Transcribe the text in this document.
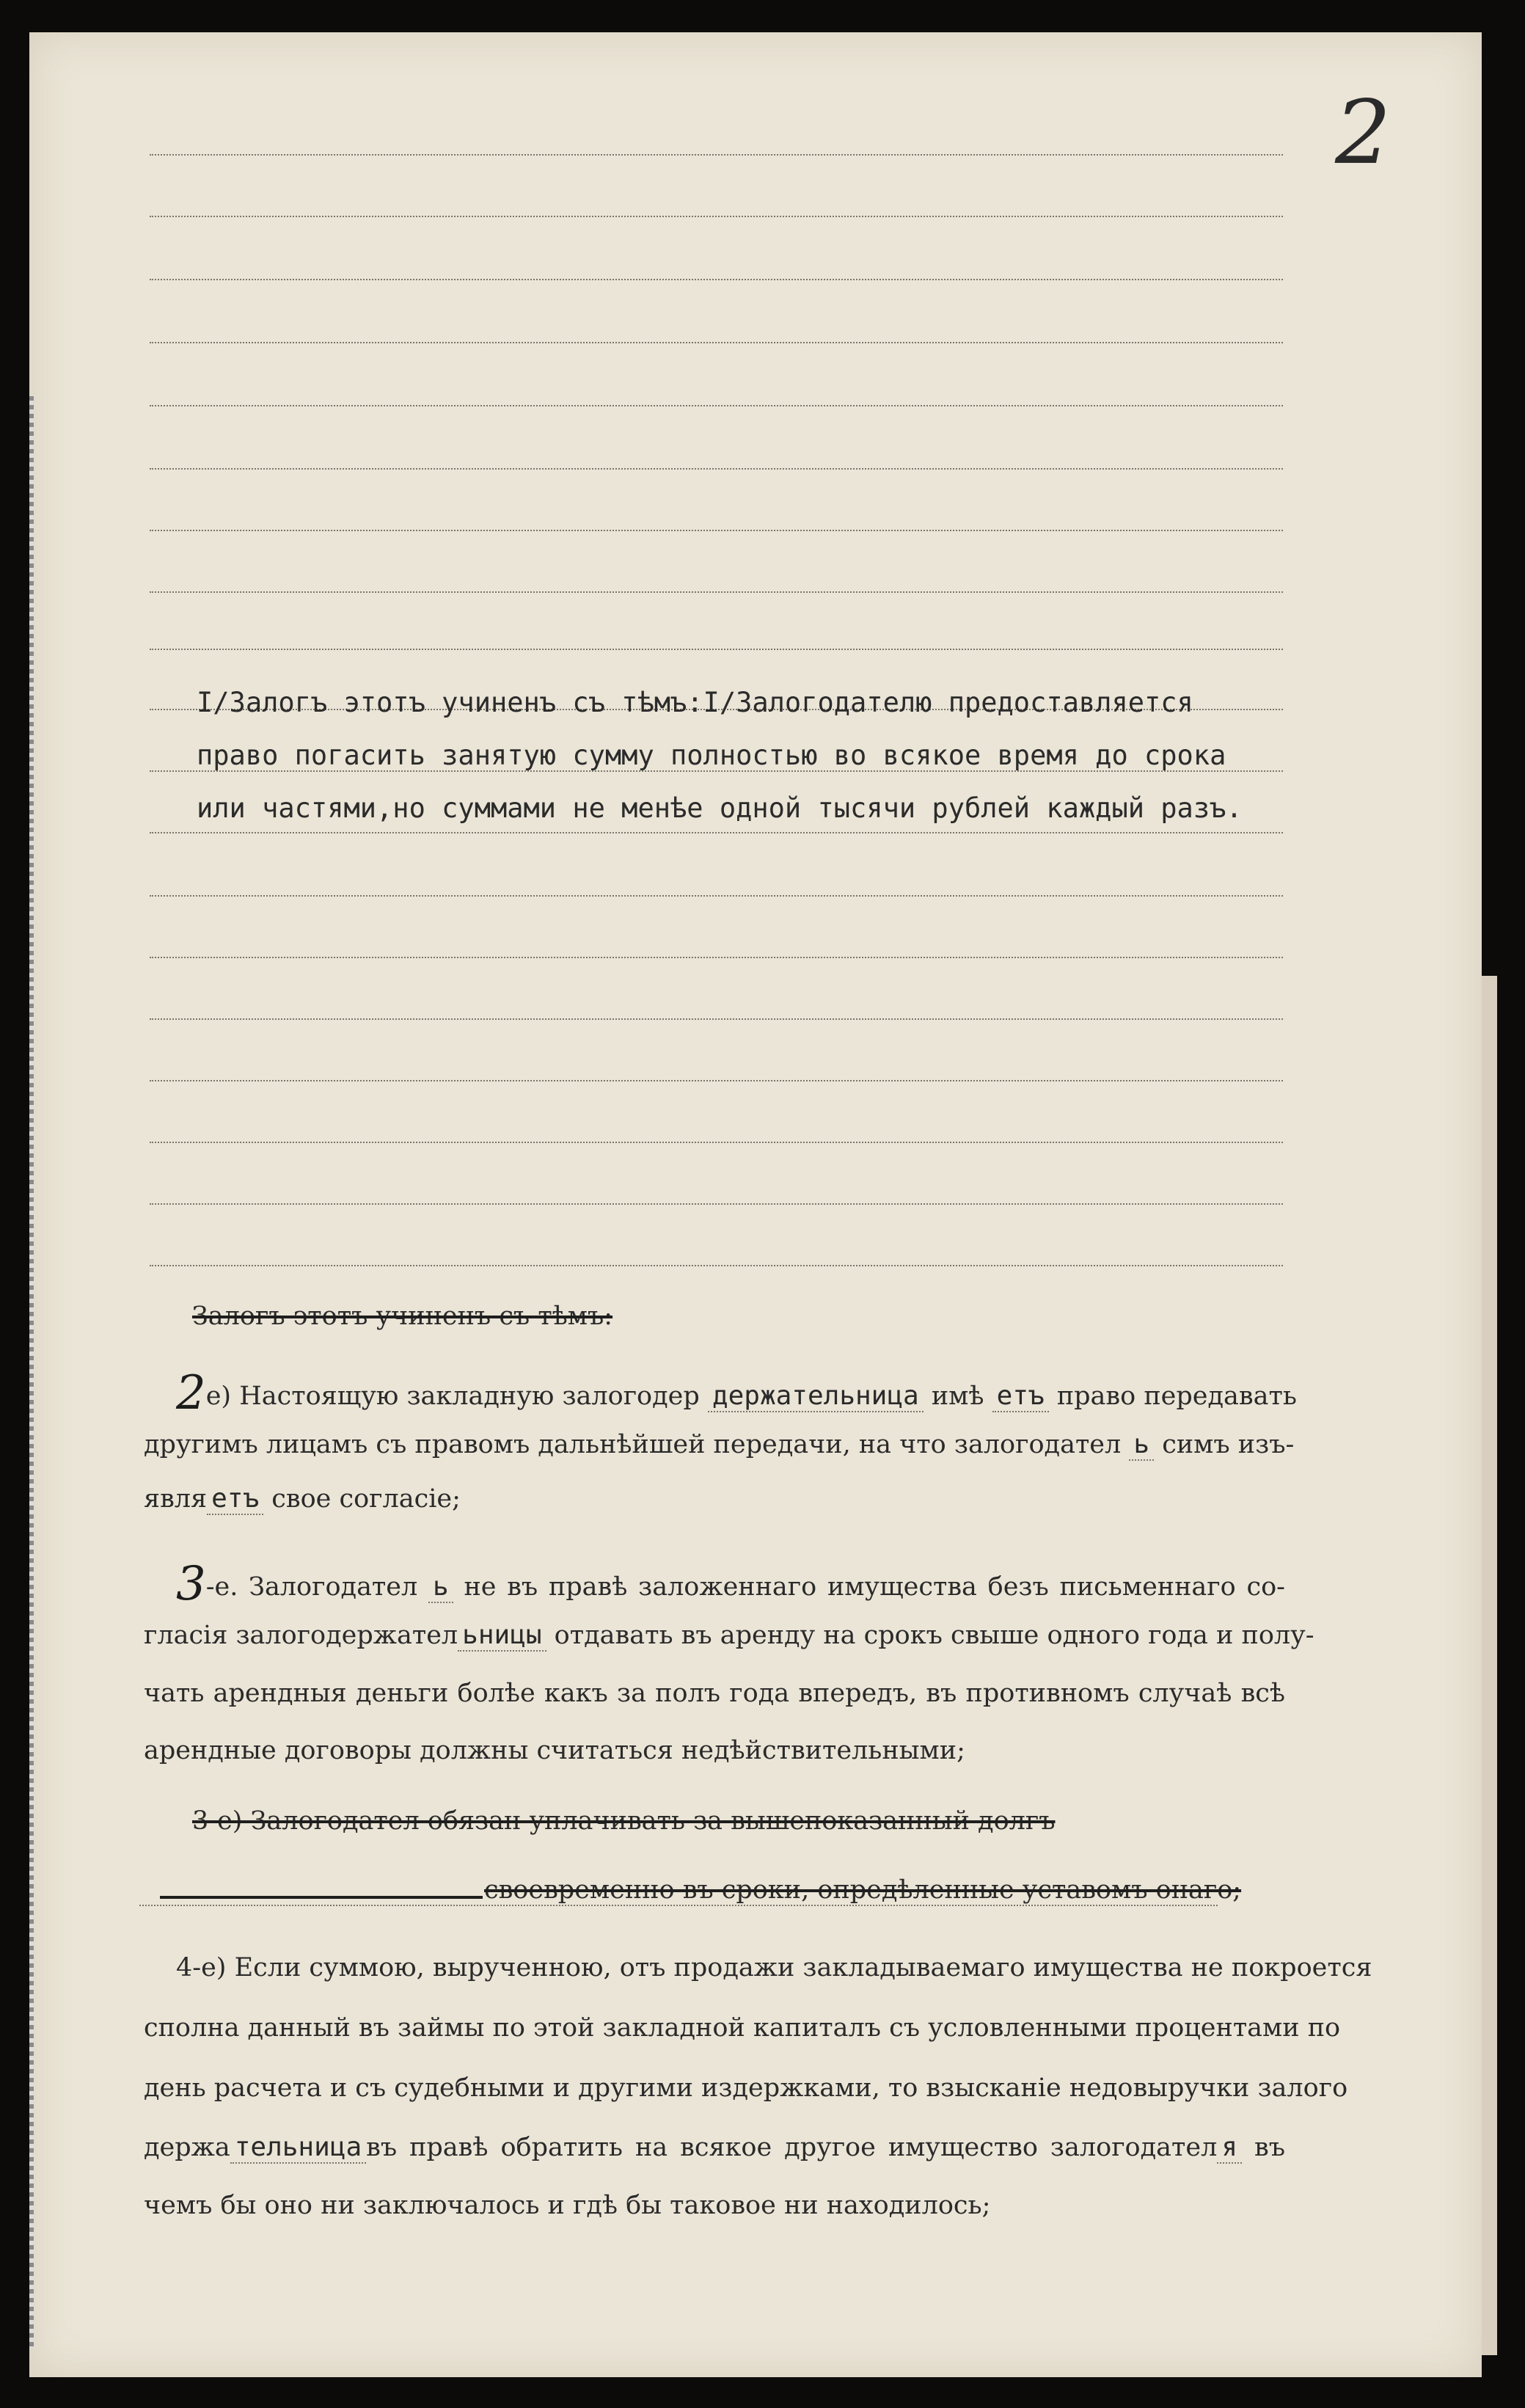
2
I/Залогъ этотъ учиненъ съ тѣмъ:I/Залогодателю предоставляется
право погасить занятую сумму полностью во всякое время до срока
или частями,но суммами не менѣе одной тысячи рублей каждый разъ.
Залогъ этотъ учиненъ съ тѣмъ:
2е) Настоящую закладную залогодер держательница имѣ етъ право передавать
другимъ лицамъ съ правомъ дальнѣйшей передачи, на что залогодател ь симъ изъ-
явля етъ свое согласіе;
3-е. Залогодател ь не въ правѣ заложеннаго имущества безъ письменнаго со-
гласія залогодержател ьницы отдавать въ аренду на срокъ свыше одного года и полу-
чать арендныя деньги болѣе какъ за полъ года впередъ, въ противномъ случаѣ всѣ
арендные договоры должны считаться недѣйствительными;
3-е) Залогодател обязан уплачивать за вышепоказанный долгъ
своевременно въ сроки, опредѣленные уставомъ онаго;
4-е) Если суммою, вырученною, отъ продажи закладываемаго имущества не покроется
сполна данный въ займы по этой закладной капиталъ съ условленными процентами по
день расчета и съ судебными и другими издержками, то взысканіе недовыручки залого
держа тельница въ правѣ обратить на всякое другое имущество залогодател я въ
чемъ бы оно ни заключалось и гдѣ бы таковое ни находилось;
